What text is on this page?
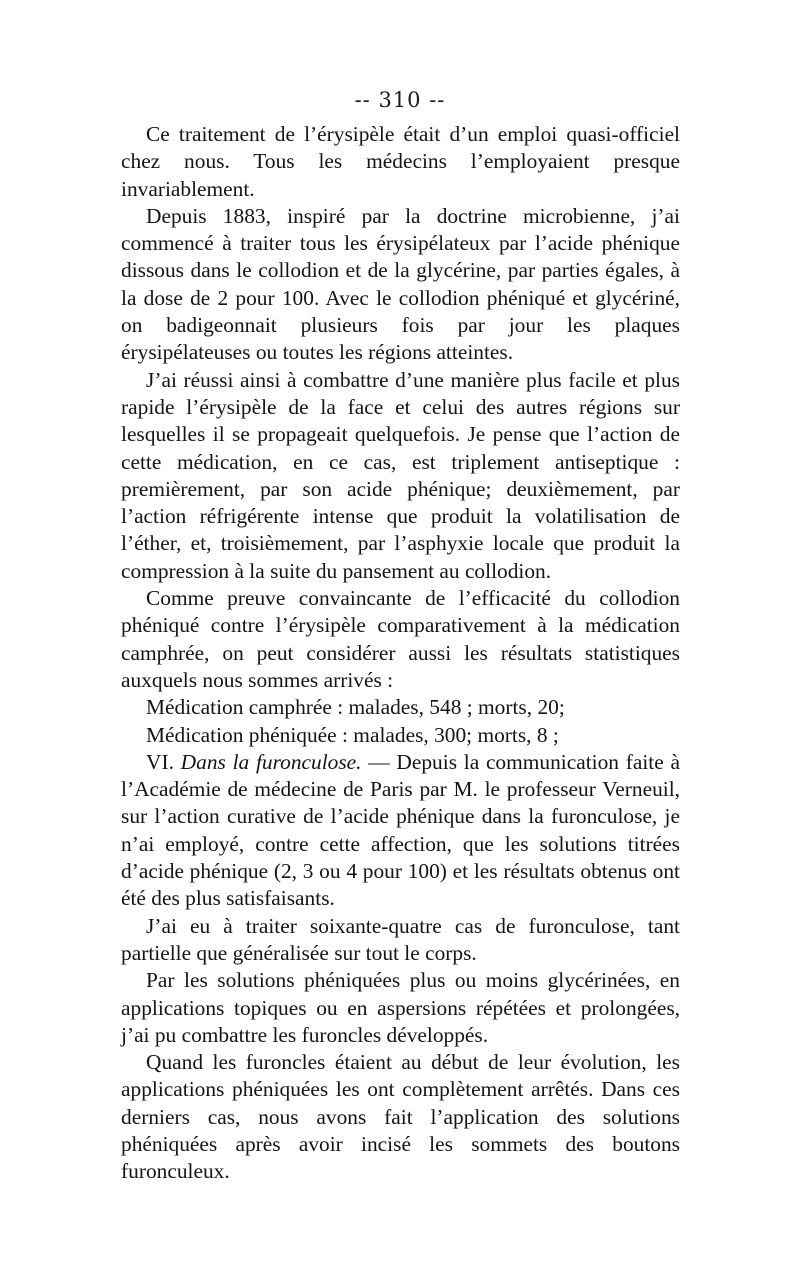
-- 310 --

Ce traitement de l’érysipèle était d’un emploi quasi-officiel chez nous. Tous les médecins l’employaient presque invariablement.

Depuis 1883, inspiré par la doctrine microbienne, j’ai commencé à traiter tous les érysipélateux par l’acide phénique dissous dans le collodion et de la glycérine, par parties égales, à la dose de 2 pour 100. Avec le collodion phéniqué et glycériné, on badigeonnait plusieurs fois par jour les plaques érysipélateuses ou toutes les régions atteintes.

J’ai réussi ainsi à combattre d’une manière plus facile et plus rapide l’érysipèle de la face et celui des autres régions sur lesquelles il se propageait quelquefois. Je pense que l’action de cette médication, en ce cas, est triplement antiseptique : premièrement, par son acide phénique; deuxièmement, par l’action réfrigérente intense que produit la volatilisation de l’éther, et, troisièmement, par l’asphyxie locale que produit la compression à la suite du pansement au collodion.

Comme preuve convaincante de l’efficacité du collodion phéniqué contre l’érysipèle comparativement à la médication camphrée, on peut considérer aussi les résultats statistiques auxquels nous sommes arrivés :

Médication camphrée : malades, 548 ; morts, 20;

Médication phéniquée : malades, 300; morts, 8 ;

VI. Dans la furonculose. — Depuis la communication faite à l’Académie de médecine de Paris par M. le professeur Verneuil, sur l’action curative de l’acide phénique dans la furonculose, je n’ai employé, contre cette affection, que les solutions titrées d’acide phénique (2, 3 ou 4 pour 100) et les résultats obtenus ont été des plus satisfaisants.

J’ai eu à traiter soixante-quatre cas de furonculose, tant partielle que généralisée sur tout le corps.

Par les solutions phéniquées plus ou moins glycérinées, en applications topiques ou en aspersions répétées et prolongées, j’ai pu combattre les furoncles développés.

Quand les furoncles étaient au début de leur évolution, les applications phéniquées les ont complètement arrêtés. Dans ces derniers cas, nous avons fait l’application des solutions phéniquées après avoir incisé les sommets des boutons furonculeux.
